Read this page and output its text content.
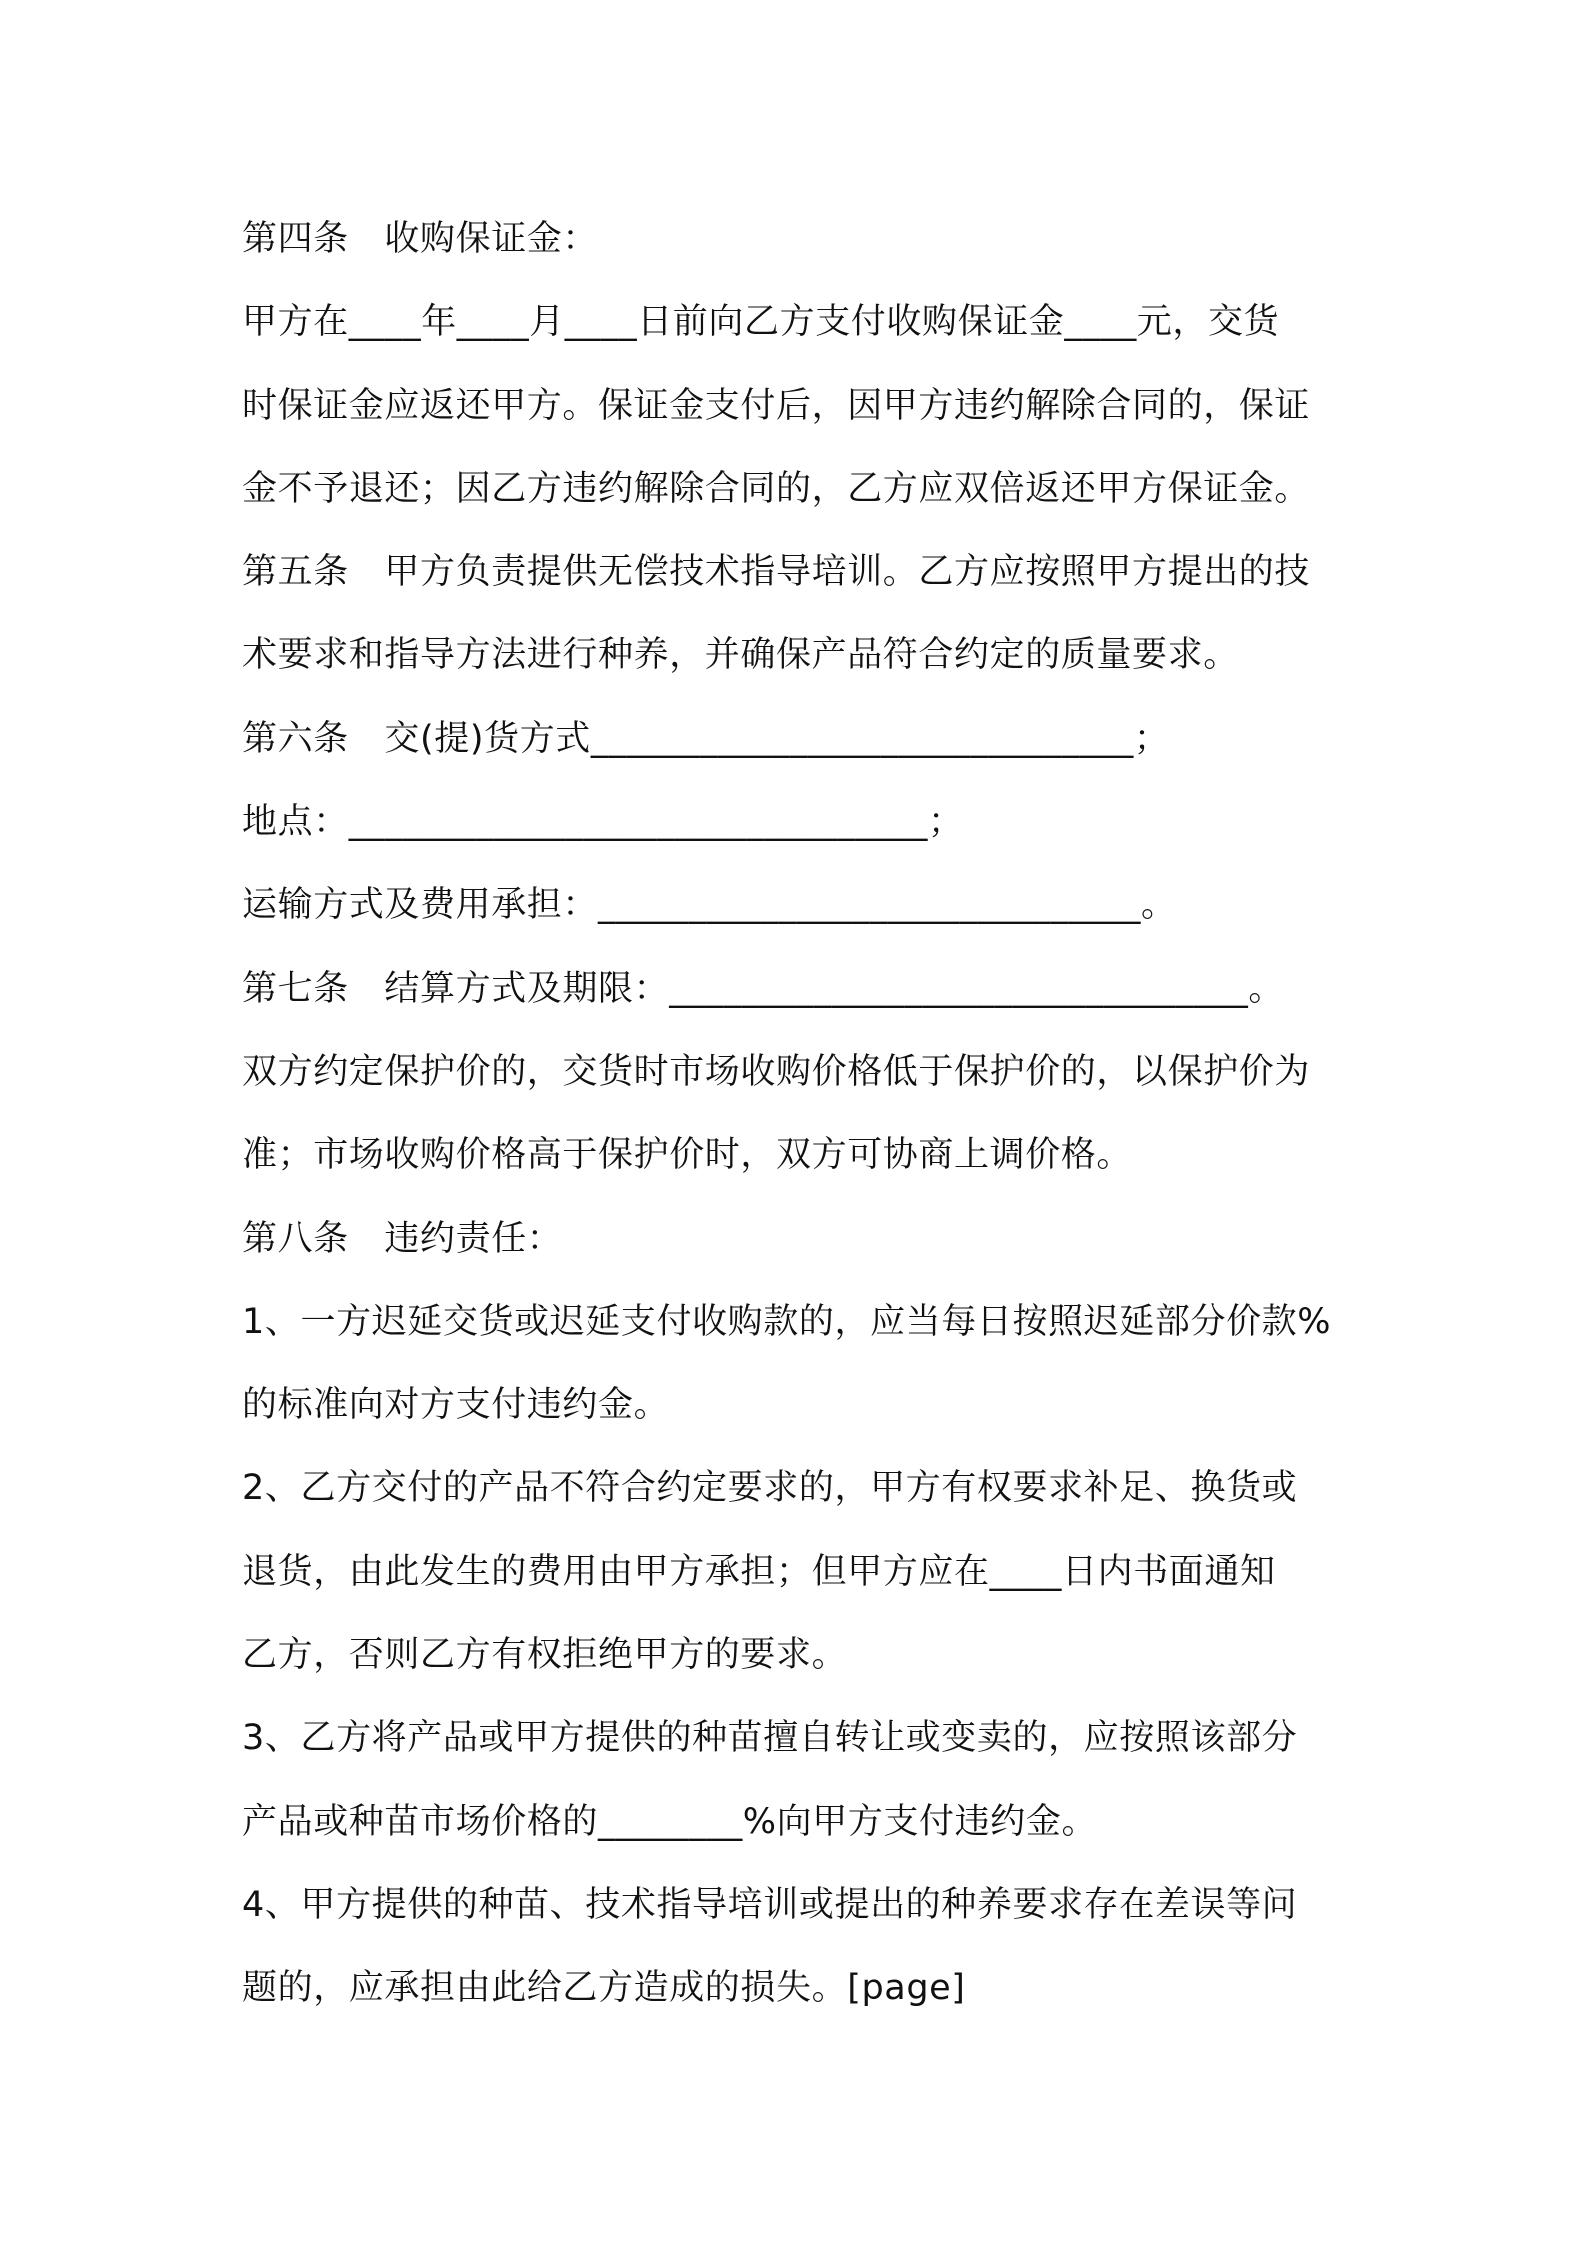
第四条　收购保证金：
甲方在____年____月____日前向乙方支付收购保证金____元，交货
时保证金应返还甲方。保证金支付后，因甲方违约解除合同的，保证
金不予退还；因乙方违约解除合同的，乙方应双倍返还甲方保证金。
第五条　甲方负责提供无偿技术指导培训。乙方应按照甲方提出的技
术要求和指导方法进行种养，并确保产品符合约定的质量要求。
第六条　交(提)货方式______________________________；
地点：________________________________；
运输方式及费用承担：______________________________。
第七条　结算方式及期限：________________________________。
双方约定保护价的，交货时市场收购价格低于保护价的，以保护价为
准；市场收购价格高于保护价时，双方可协商上调价格。
第八条　违约责任：
1、一方迟延交货或迟延支付收购款的，应当每日按照迟延部分价款%
的标准向对方支付违约金。
2、乙方交付的产品不符合约定要求的，甲方有权要求补足、换货或
退货，由此发生的费用由甲方承担；但甲方应在____日内书面通知
乙方，否则乙方有权拒绝甲方的要求。
3、乙方将产品或甲方提供的种苗擅自转让或变卖的，应按照该部分
产品或种苗市场价格的________%向甲方支付违约金。
4、甲方提供的种苗、技术指导培训或提出的种养要求存在差误等问
题的，应承担由此给乙方造成的损失。[page]
